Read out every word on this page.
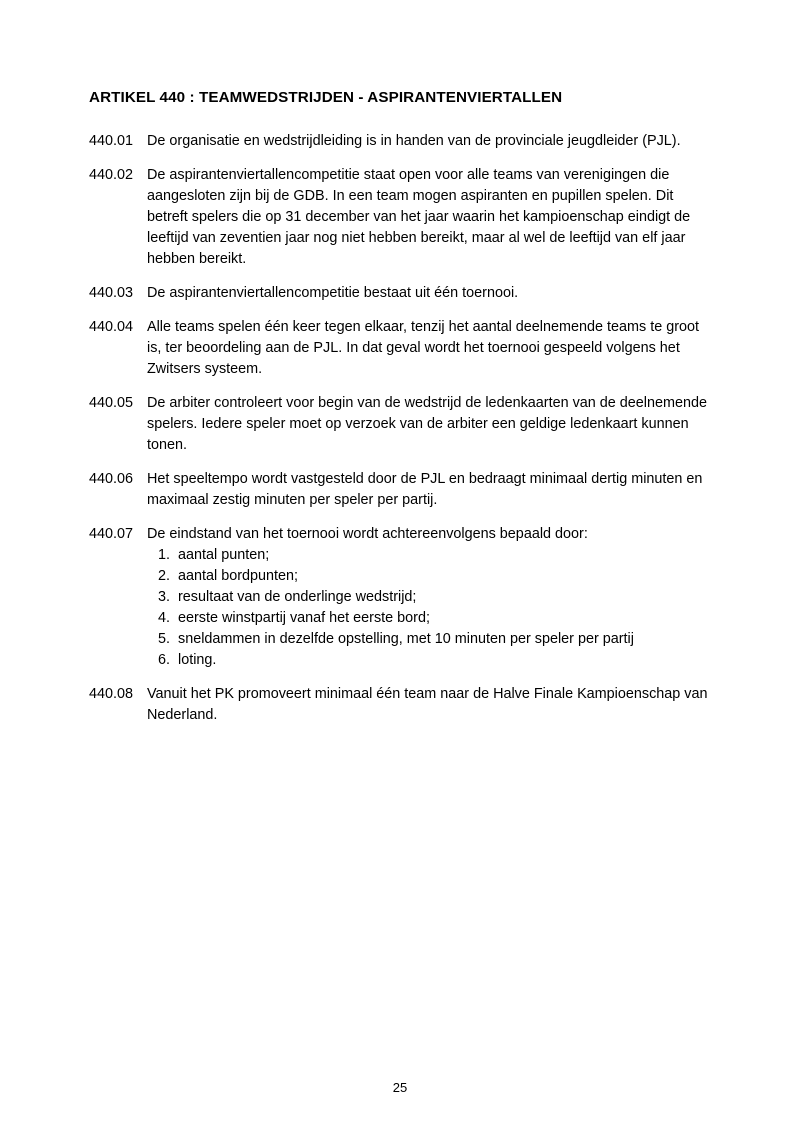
ARTIKEL 440 : TEAMWEDSTRIJDEN - ASPIRANTENVIERTALLEN
440.01 De organisatie en wedstrijdleiding is in handen van de provinciale jeugdleider (PJL).

440.02 De aspirantenviertallencompetitie staat open voor alle teams van verenigingen die aangesloten zijn bij de GDB. In een team mogen aspiranten en pupillen spelen. Dit betreft spelers die op 31 december van het jaar waarin het kampioenschap eindigt de leeftijd van zeventien jaar nog niet hebben bereikt, maar al wel de leeftijd van elf jaar hebben bereikt.

440.03 De aspirantenviertallencompetitie bestaat uit één toernooi.

440.04 Alle teams spelen één keer tegen elkaar, tenzij het aantal deelnemende teams te groot is, ter beoordeling aan de PJL. In dat geval wordt het toernooi gespeeld volgens het Zwitsers systeem.

440.05 De arbiter controleert voor begin van de wedstrijd de ledenkaarten van de deelnemende spelers. Iedere speler moet op verzoek van de arbiter een geldige ledenkaart kunnen tonen.

440.06 Het speeltempo wordt vastgesteld door de PJL en bedraagt minimaal dertig minuten en maximaal zestig minuten per speler per partij.

440.07 De eindstand van het toernooi wordt achtereenvolgens bepaald door:

1. aantal punten;
2. aantal bordpunten;
3. resultaat van de onderlinge wedstrijd;
4. eerste winstpartij vanaf het eerste bord;
5. sneldammen in dezelfde opstelling, met 10 minuten per speler per partij
6. loting.
440.08 Vanuit het PK promoveert minimaal één team naar de Halve Finale Kampioenschap van Nederland.

25
